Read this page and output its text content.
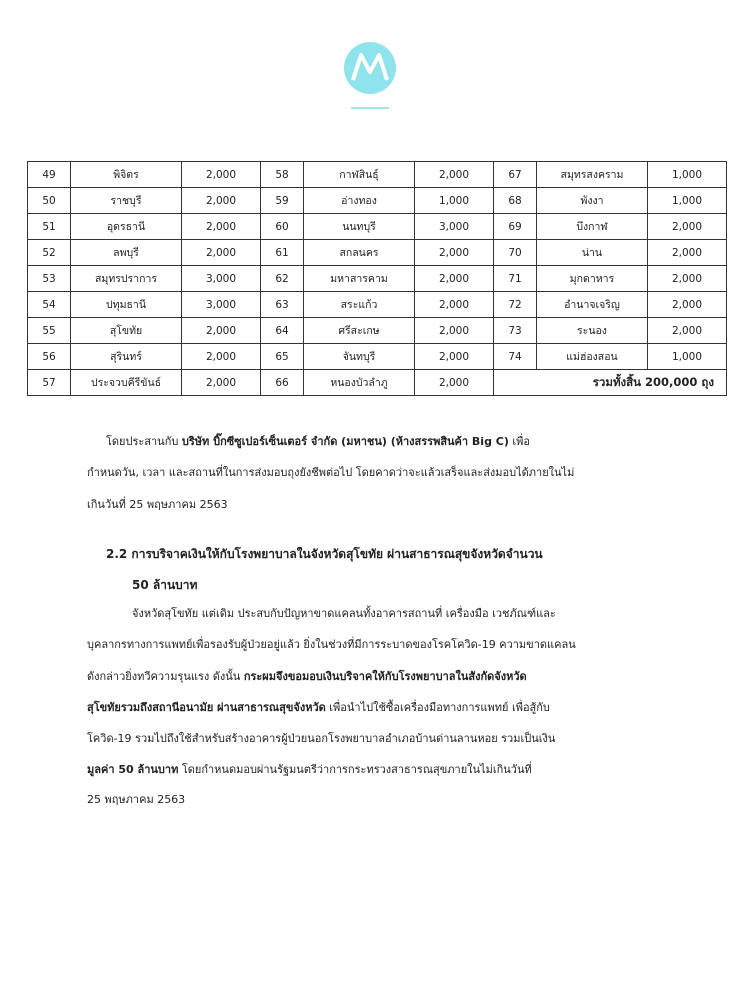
49	พิจิตร	2,000	58	กาฬสินธุ์	2,000	67	สมุทรสงคราม	1,000
50	ราชบุรี	2,000	59	อ่างทอง	1,000	68	พังงา	1,000
51	อุดรธานี	2,000	60	นนทบุรี	3,000	69	บึงกาฬ	2,000
52	ลพบุรี	2,000	61	สกลนคร	2,000	70	น่าน	2,000
53	สมุทรปราการ	3,000	62	มหาสารคาม	2,000	71	มุกดาหาร	2,000
54	ปทุมธานี	3,000	63	สระแก้ว	2,000	72	อำนาจเจริญ	2,000
55	สุโขทัย	2,000	64	ศรีสะเกษ	2,000	73	ระนอง	2,000
56	สุรินทร์	2,000	65	จันทบุรี	2,000	74	แม่ฮ่องสอน	1,000
57	ประจวบคีรีขันธ์	2,000	66	หนองบัวลำภู	2,000	รวมทั้งสิ้น 200,000 ถุง		
โดยประสานกับ บริษัท บิ๊กซีซูเปอร์เซ็นเตอร์ จำกัด (มหาชน) (ห้างสรรพสินค้า Big C) เพื่อ
กำหนดวัน, เวลา และสถานที่ในการส่งมอบถุงยังชีพต่อไป โดยคาดว่าจะแล้วเสร็จและส่งมอบได้ภายในไม่
เกินวันที่ 25 พฤษภาคม 2563
2.2 การบริจาคเงินให้กับโรงพยาบาลในจังหวัดสุโขทัย ผ่านสาธารณสุขจังหวัดจำนวน
50 ล้านบาท
จังหวัดสุโขทัย แต่เดิม ประสบกับปัญหาขาดแคลนทั้งอาคารสถานที่ เครื่องมือ เวชภัณฑ์และ
บุคลากรทางการแพทย์เพื่อรองรับผู้ป่วยอยู่แล้ว ยิ่งในช่วงที่มีการระบาดของโรคโควิด-19 ความขาดแคลน
ดังกล่าวยิ่งทวีความรุนแรง ดังนั้น กระผมจึงขอมอบเงินบริจาคให้กับโรงพยาบาลในสังกัดจังหวัด
สุโขทัยรวมถึงสถานีอนามัย ผ่านสาธารณสุขจังหวัด เพื่อนำไปใช้ซื้อเครื่องมือทางการแพทย์ เพื่อสู้กับ
โควิด-19 รวมไปถึงใช้สำหรับสร้างอาคารผู้ป่วยนอกโรงพยาบาลอำเภอบ้านด่านลานหอย รวมเป็นเงิน
มูลค่า 50 ล้านบาท โดยกำหนดมอบผ่านรัฐมนตรีว่าการกระทรวงสาธารณสุขภายในไม่เกินวันที่
25 พฤษภาคม 2563
